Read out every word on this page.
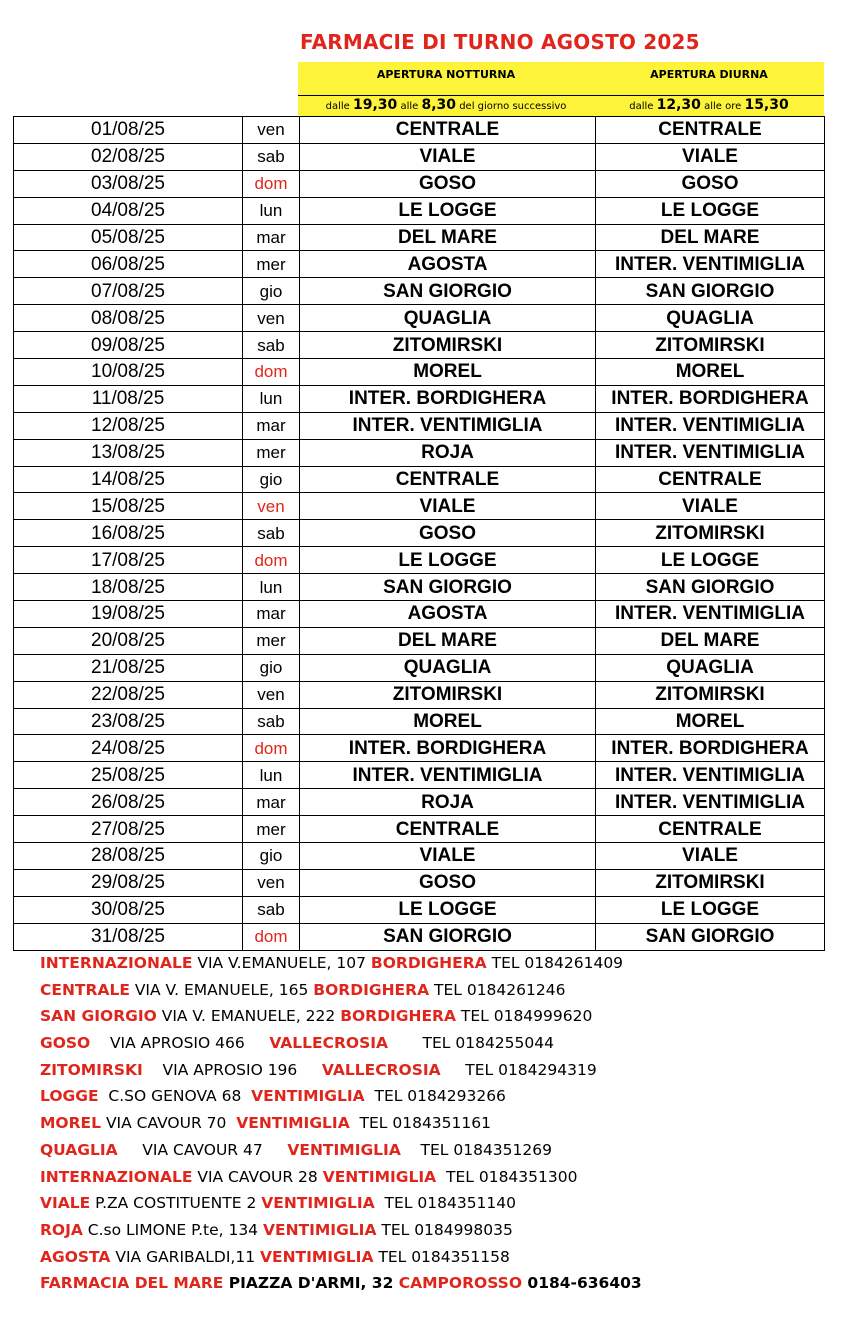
FARMACIE DI TURNO AGOSTO 2025
APERTURA NOTTURNA
dalle 19,30 alle 8,30 del giorno successivo
APERTURA DIURNA
dalle 12,30 alle ore 15,30
01/08/25	ven	CENTRALE	CENTRALE
02/08/25	sab	VIALE	VIALE
03/08/25	dom	GOSO	GOSO
04/08/25	lun	LE LOGGE	LE LOGGE
05/08/25	mar	DEL MARE	DEL MARE
06/08/25	mer	AGOSTA	INTER. VENTIMIGLIA
07/08/25	gio	SAN GIORGIO	SAN GIORGIO
08/08/25	ven	QUAGLIA	QUAGLIA
09/08/25	sab	ZITOMIRSKI	ZITOMIRSKI
10/08/25	dom	MOREL	MOREL
11/08/25	lun	INTER. BORDIGHERA	INTER. BORDIGHERA
12/08/25	mar	INTER. VENTIMIGLIA	INTER. VENTIMIGLIA
13/08/25	mer	ROJA	INTER. VENTIMIGLIA
14/08/25	gio	CENTRALE	CENTRALE
15/08/25	ven	VIALE	VIALE
16/08/25	sab	GOSO	ZITOMIRSKI
17/08/25	dom	LE LOGGE	LE LOGGE
18/08/25	lun	SAN GIORGIO	SAN GIORGIO
19/08/25	mar	AGOSTA	INTER. VENTIMIGLIA
20/08/25	mer	DEL MARE	DEL MARE
21/08/25	gio	QUAGLIA	QUAGLIA
22/08/25	ven	ZITOMIRSKI	ZITOMIRSKI
23/08/25	sab	MOREL	MOREL
24/08/25	dom	INTER. BORDIGHERA	INTER. BORDIGHERA
25/08/25	lun	INTER. VENTIMIGLIA	INTER. VENTIMIGLIA
26/08/25	mar	ROJA	INTER. VENTIMIGLIA
27/08/25	mer	CENTRALE	CENTRALE
28/08/25	gio	VIALE	VIALE
29/08/25	ven	GOSO	ZITOMIRSKI
30/08/25	sab	LE LOGGE	LE LOGGE
31/08/25	dom	SAN GIORGIO	SAN GIORGIO
INTERNAZIONALE VIA V.EMANUELE, 107 BORDIGHERA TEL 0184261409
CENTRALE VIA V. EMANUELE, 165 BORDIGHERA TEL 0184261246
SAN GIORGIO VIA V. EMANUELE, 222 BORDIGHERA TEL 0184999620
GOSO    VIA APROSIO 466     VALLECROSIA       TEL 0184255044
ZITOMIRSKI    VIA APROSIO 196     VALLECROSIA     TEL 0184294319
LOGGE  C.SO GENOVA 68  VENTIMIGLIA  TEL 0184293266
MOREL VIA CAVOUR 70  VENTIMIGLIA  TEL 0184351161
QUAGLIA     VIA CAVOUR 47     VENTIMIGLIA    TEL 0184351269
INTERNAZIONALE VIA CAVOUR 28 VENTIMIGLIA  TEL 0184351300
VIALE P.ZA COSTITUENTE 2 VENTIMIGLIA  TEL 0184351140
ROJA C.so LIMONE P.te, 134 VENTIMIGLIA TEL 0184998035
AGOSTA VIA GARIBALDI,11 VENTIMIGLIA TEL 0184351158
FARMACIA DEL MARE PIAZZA D'ARMI, 32 CAMPOROSSO 0184-636403
